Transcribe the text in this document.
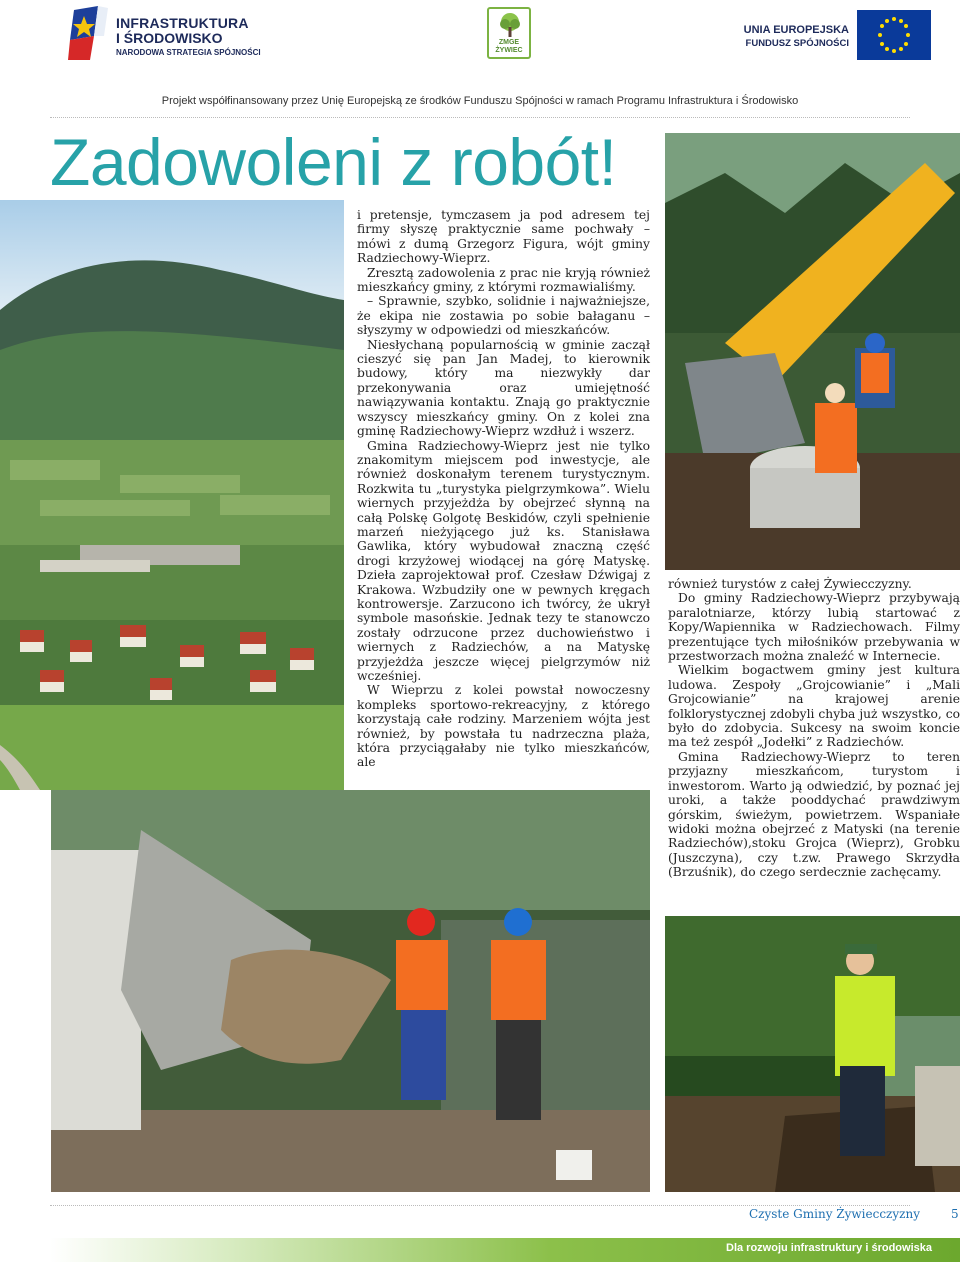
INFRASTRUKTURA
I ŚRODOWISKO
NARODOWA STRATEGIA SPÓJNOŚCI
ZMGE
ŻYWIEC
UNIA EUROPEJSKA
FUNDUSZ SPÓJNOŚCI
Projekt współfinansowany przez Unię Europejską ze środków Funduszu Spójności w ramach Programu Infrastruktura i Środowisko
Zadowoleni z robót!

i pretensje, tymczasem ja pod adresem tej firmy słyszę praktycznie same pochwały – mówi z dumą Grzegorz Figura, wójt gminy Radziechowy-Wieprz.

Zresztą zadowolenia z prac nie kryją również mieszkańcy gminy, z którymi rozmawialiśmy.

– Sprawnie, szybko, solidnie i najważniejsze, że ekipa nie zostawia po sobie bałaganu – słyszymy w odpowiedzi od mieszkańców.

Niesłychaną popularnością w gminie zaczął cieszyć się pan Jan Madej, to kierownik budowy, który ma niezwykły dar przekonywania oraz umiejętność nawiązywania kontaktu. Znają go praktycznie wszyscy mieszkańcy gminy. On z kolei zna gminę Radziechowy-Wieprz wzdłuż i wszerz.

Gmina Radziechowy-Wieprz jest nie tylko znakomitym miejscem pod inwestycje, ale również doskonałym terenem turystycznym. Rozkwita tu „turystyka pielgrzymkowa”. Wielu wiernych przyjeżdża by obejrzeć słynną na całą Polskę Golgotę Beskidów, czyli spełnienie marzeń nieżyjącego już ks. Stanisława Gawlika, który wybudował znaczną część drogi krzyżowej wiodącej na górę Matyskę. Dzieła zaprojektował prof. Czesław Dźwigaj z Krakowa. Wzbudziły one w pewnych kręgach kontrowersje. Zarzucono ich twórcy, że ukrył symbole masońskie. Jednak tezy te stanowczo zostały odrzucone przez duchowieństwo i wiernych z Radziechów, a na Matyskę przyjeżdża jeszcze więcej pielgrzymów niż wcześniej.

W Wieprzu z kolei powstał nowoczesny kompleks sportowo-rekreacyjny, z którego korzystają całe rodziny. Marzeniem wójta jest również, by powstała tu nadrzeczna plaża, która przyciągałaby nie tylko mieszkańców, ale

również turystów z całej Żywiecczyzny.

Do gminy Radziechowy-Wieprz przybywają paralotniarze, którzy lubią startować z Kopy/Wapiennika w Radziechowach. Filmy prezentujące tych miłośników przebywania w przestworzach można znaleźć w Internecie.

Wielkim bogactwem gminy jest kultura ludowa. Zespoły „Grojcowianie” i „Mali Grojcowianie” na krajowej arenie folklorystycznej zdobyli chyba już wszystko, co było do zdobycia. Sukcesy na swoim koncie ma też zespół „Jodełki” z Radziechów.

Gmina Radziechowy-Wieprz to teren przyjazny mieszkańcom, turystom i inwestorom. Warto ją odwiedzić, by poznać jej uroki, a także pooddychać prawdziwym górskim, świeżym, powietrzem. Wspaniałe widoki można obejrzeć z Matyski (na terenie Radziechów),stoku Grojca (Wieprz), Grobku (Juszczyna), czy t.zw. Prawego Skrzydła (Brzuśnik), do czego serdecznie zachęcamy.

Czyste Gminy Żywiecczyzny	5
Dla rozwoju infrastruktury i środowiska
